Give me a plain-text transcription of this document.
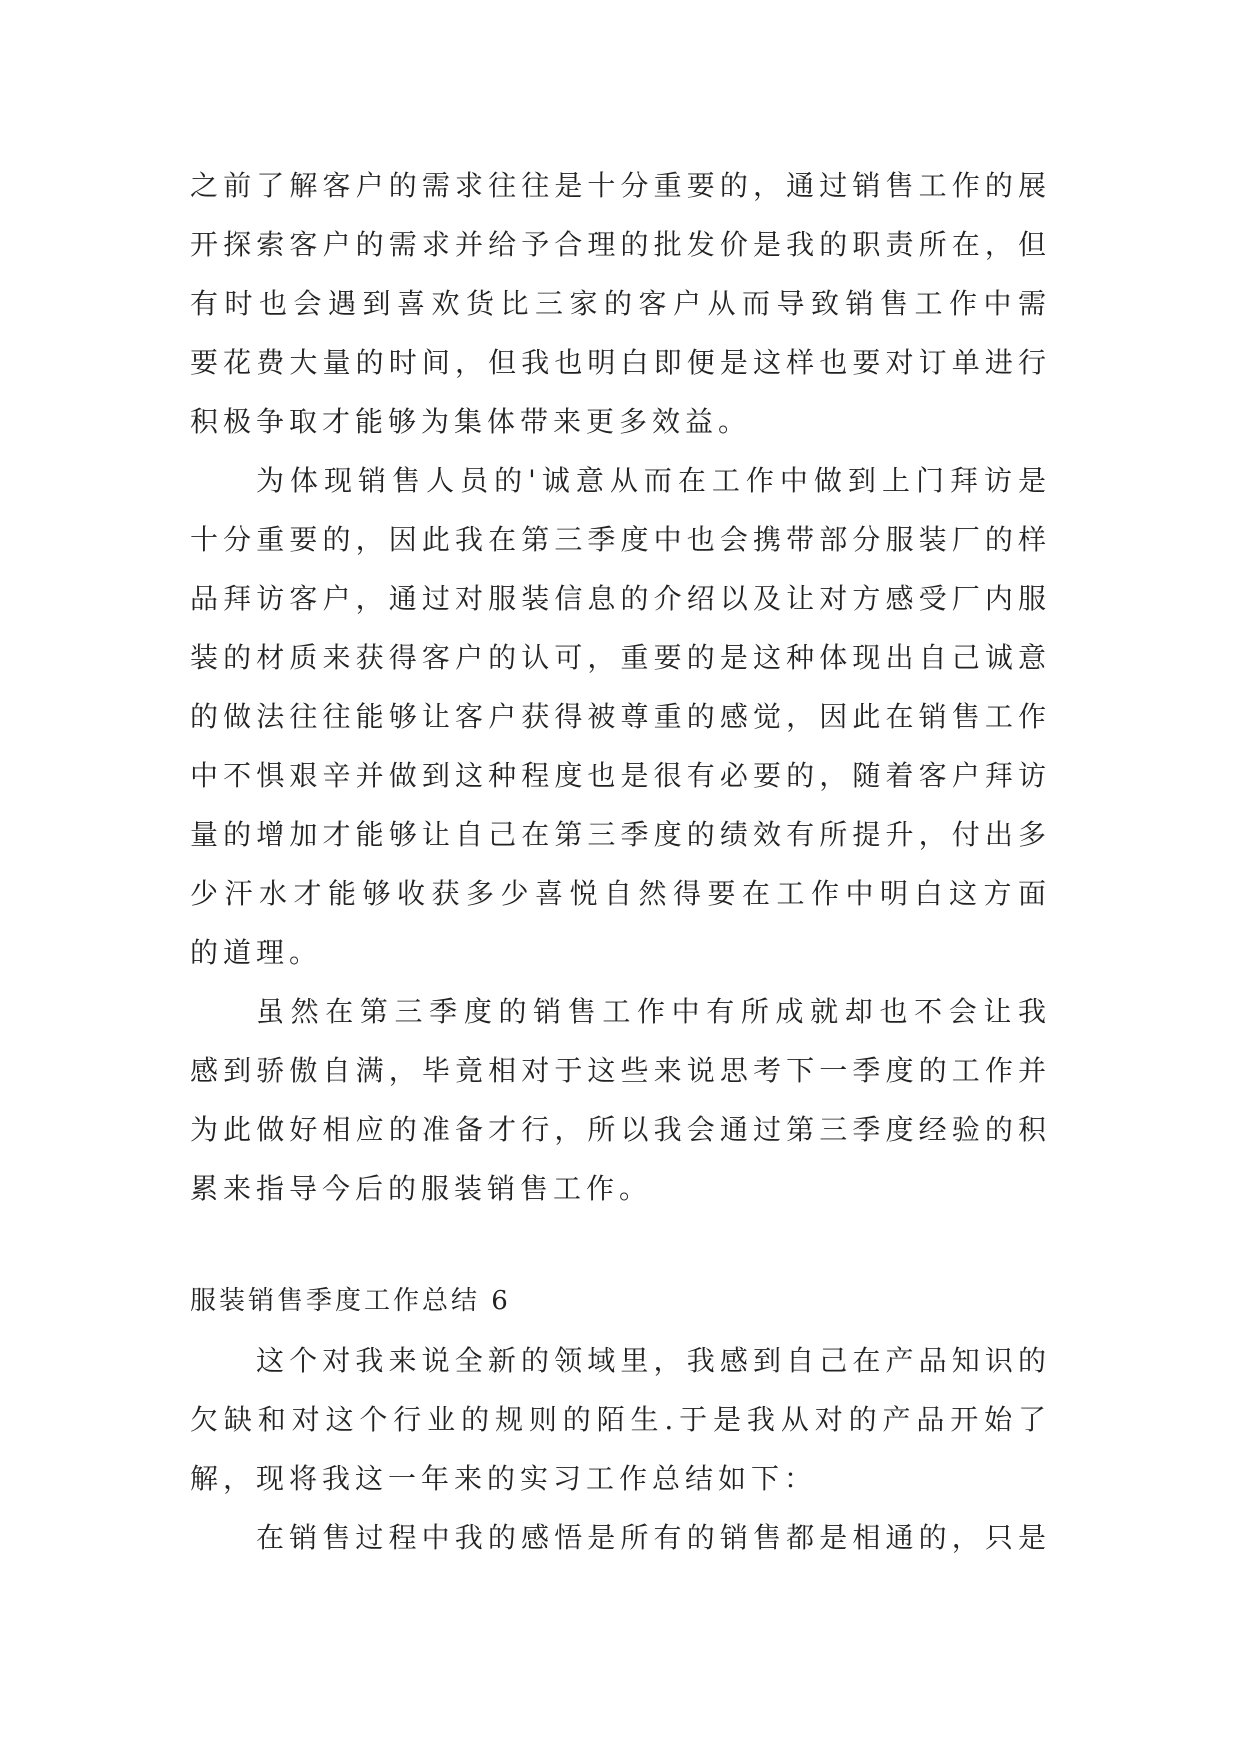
之前了解客户的需求往往是十分重要的，通过销售工作的展
开探索客户的需求并给予合理的批发价是我的职责所在，但
有时也会遇到喜欢货比三家的客户从而导致销售工作中需
要花费大量的时间，但我也明白即便是这样也要对订单进行
积极争取才能够为集体带来更多效益。
为体现销售人员的'诚意从而在工作中做到上门拜访是
十分重要的，因此我在第三季度中也会携带部分服装厂的样
品拜访客户，通过对服装信息的介绍以及让对方感受厂内服
装的材质来获得客户的认可，重要的是这种体现出自己诚意
的做法往往能够让客户获得被尊重的感觉，因此在销售工作
中不惧艰辛并做到这种程度也是很有必要的，随着客户拜访
量的增加才能够让自己在第三季度的绩效有所提升，付出多
少汗水才能够收获多少喜悦自然得要在工作中明白这方面
的道理。
虽然在第三季度的销售工作中有所成就却也不会让我
感到骄傲自满，毕竟相对于这些来说思考下一季度的工作并
为此做好相应的准备才行，所以我会通过第三季度经验的积
累来指导今后的服装销售工作。
服装销售季度工作总结 6
这个对我来说全新的领域里，我感到自己在产品知识的
欠缺和对这个行业的规则的陌生.于是我从对的产品开始了
解，现将我这一年来的实习工作总结如下：
在销售过程中我的感悟是所有的销售都是相通的，只是
